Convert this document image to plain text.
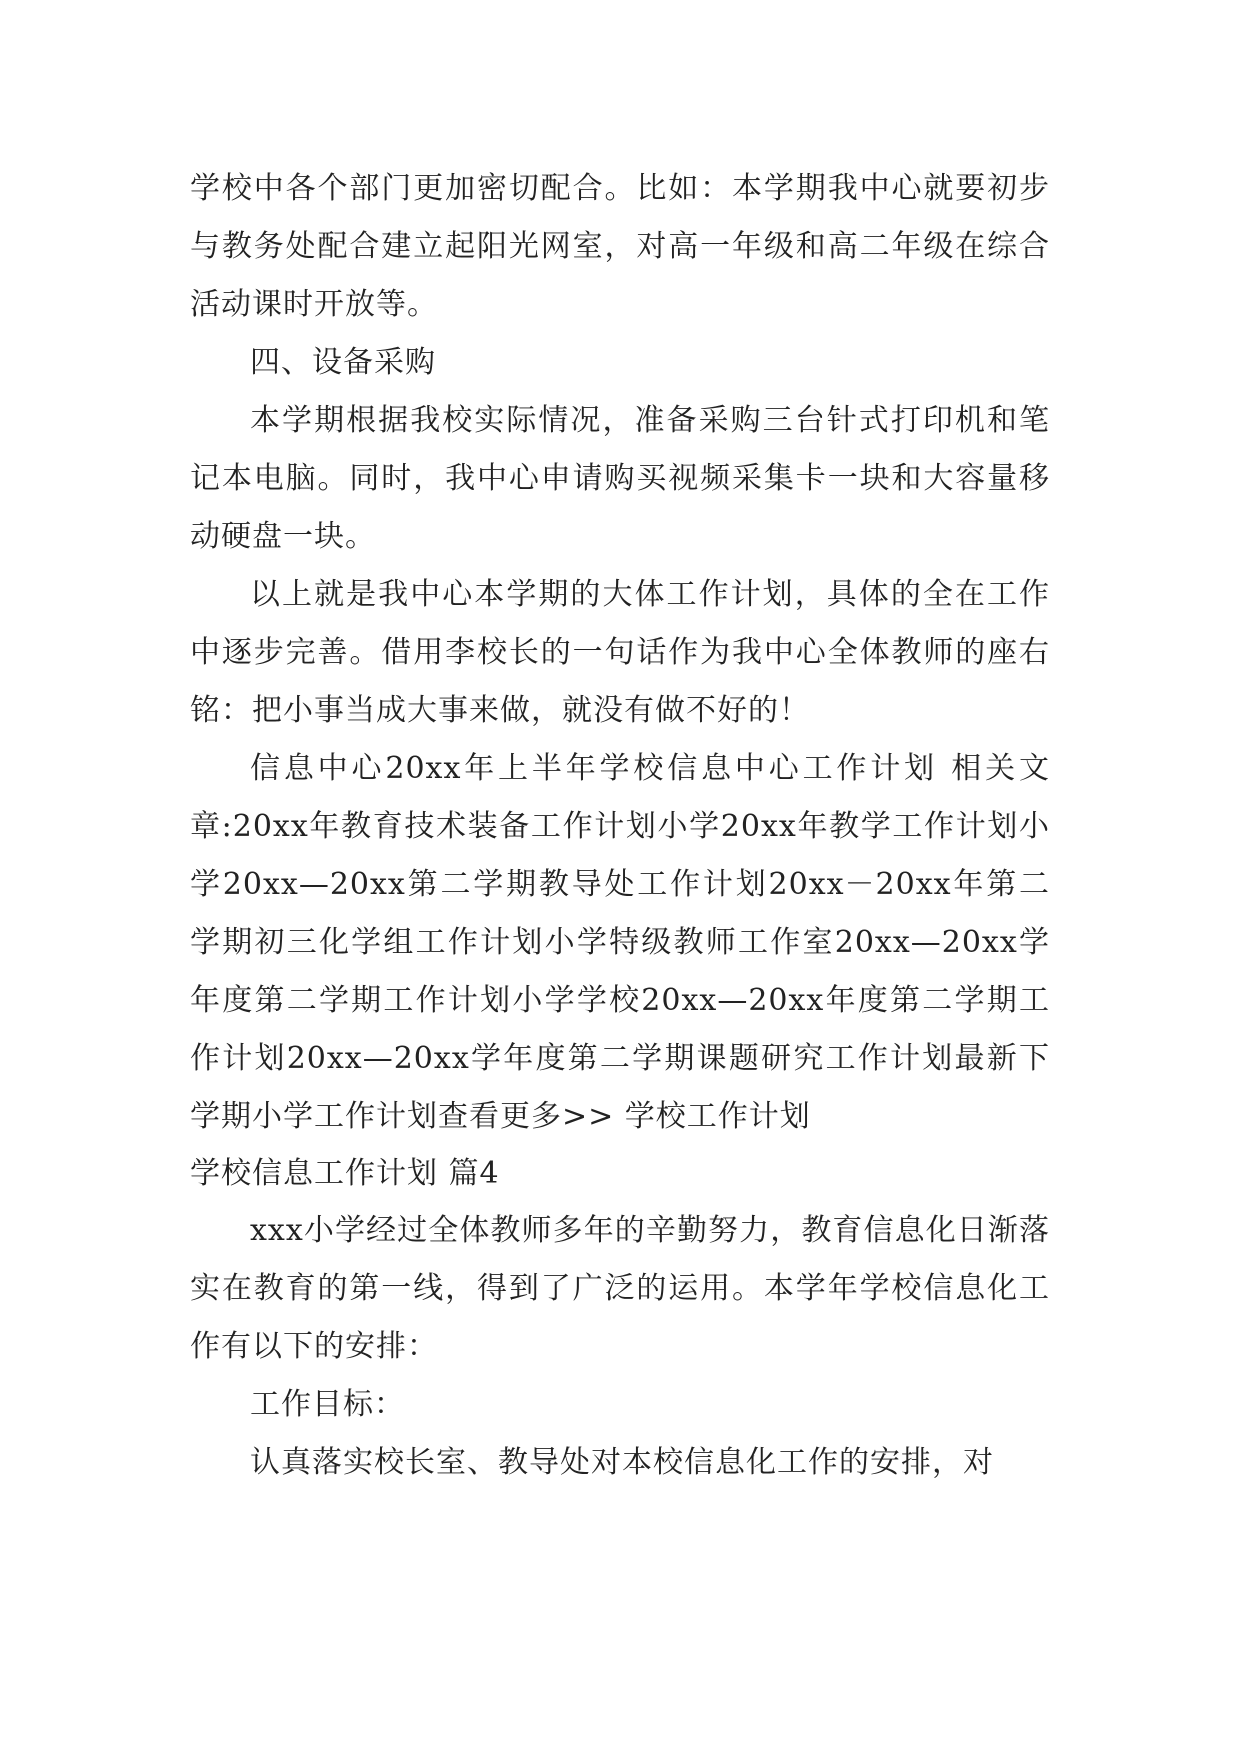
学校中各个部门更加密切配合。比如：本学期我中心就要初步与教务处配合建立起阳光网室，对高一年级和高二年级在综合活动课时开放等。

四、设备采购

本学期根据我校实际情况，准备采购三台针式打印机和笔记本电脑。同时，我中心申请购买视频采集卡一块和大容量移动硬盘一块。

以上就是我中心本学期的大体工作计划，具体的全在工作中逐步完善。借用李校长的一句话作为我中心全体教师的座右铭：把小事当成大事来做，就没有做不好的！

信息中心20xx年上半年学校信息中心工作计划 相关文章:20xx年教育技术装备工作计划小学20xx年教学工作计划小学20xx—20xx第二学期教导处工作计划20xx－20xx年第二学期初三化学组工作计划小学特级教师工作室20xx—20xx学年度第二学期工作计划小学学校20xx—20xx年度第二学期工作计划20xx—20xx学年度第二学期课题研究工作计划最新下学期小学工作计划查看更多>> 学校工作计划

学校信息工作计划 篇4

xxx小学经过全体教师多年的辛勤努力，教育信息化日渐落实在教育的第一线，得到了广泛的运用。本学年学校信息化工作有以下的安排：

工作目标：

认真落实校长室、教导处对本校信息化工作的安排，对
